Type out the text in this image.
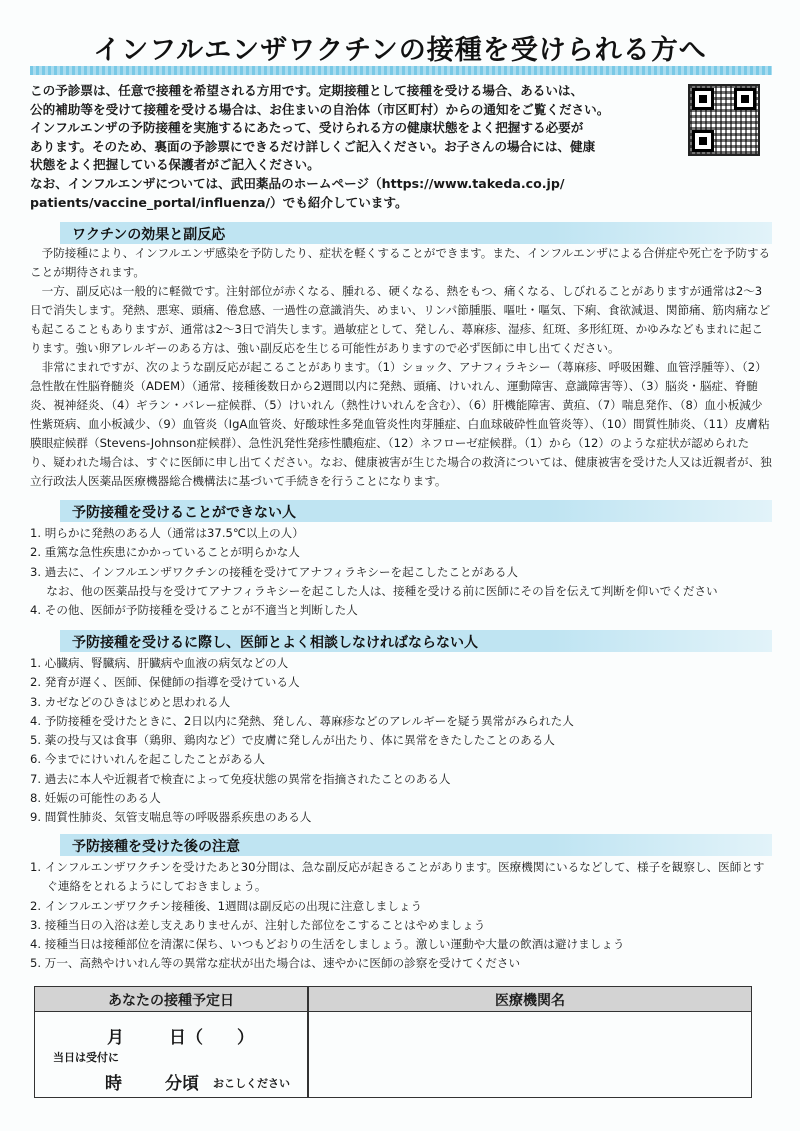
インフルエンザワクチンの接種を受けられる方へ

この予診票は、任意で接種を希望される方用です。定期接種として接種を受ける場合、あるいは、

公的補助等を受けて接種を受ける場合は、お住まいの自治体（市区町村）からの通知をご覧ください。

インフルエンザの予防接種を実施するにあたって、受けられる方の健康状態をよく把握する必要が

あります。そのため、裏面の予診票にできるだけ詳しくご記入ください。お子さんの場合には、健康

状態をよく把握している保護者がご記入ください。

なお、インフルエンザについては、武田薬品のホームページ（https://www.takeda.co.jp/

patients/vaccine_portal/influenza/）でも紹介しています。

ワクチンの効果と副反応

予防接種により、インフルエンザ感染を予防したり、症状を軽くすることができます。また、インフルエンザによる合併症や死亡を予防することが期待されます。

一方、副反応は一般的に軽微です。注射部位が赤くなる、腫れる、硬くなる、熱をもつ、痛くなる、しびれることがありますが通常は2～3日で消失します。発熱、悪寒、頭痛、倦怠感、一過性の意識消失、めまい、リンパ節腫脹、嘔吐・嘔気、下痢、食欲減退、関節痛、筋肉痛なども起こることもありますが、通常は2～3日で消失します。過敏症として、発しん、蕁麻疹、湿疹、紅斑、多形紅斑、かゆみなどもまれに起こります。強い卵アレルギーのある方は、強い副反応を生じる可能性がありますので必ず医師に申し出てください。

非常にまれですが、次のような副反応が起こることがあります。（1）ショック、アナフィラキシー（蕁麻疹、呼吸困難、血管浮腫等）、（2）急性散在性脳脊髄炎（ADEM）（通常、接種後数日から2週間以内に発熱、頭痛、けいれん、運動障害、意識障害等）、（3）脳炎・脳症、脊髄炎、視神経炎、（4）ギラン・バレー症候群、（5）けいれん（熱性けいれんを含む）、（6）肝機能障害、黄疸、（7）喘息発作、（8）血小板減少性紫斑病、血小板減少、（9）血管炎（IgA血管炎、好酸球性多発血管炎性肉芽腫症、白血球破砕性血管炎等）、（10）間質性肺炎、（11）皮膚粘膜眼症候群（Stevens-Johnson症候群）、急性汎発性発疹性膿疱症、（12）ネフローゼ症候群。（1）から（12）のような症状が認められたり、疑われた場合は、すぐに医師に申し出てください。なお、健康被害が生じた場合の救済については、健康被害を受けた人又は近親者が、独立行政法人医薬品医療機器総合機構法に基づいて手続きを行うことになります。

予防接種を受けることができない人
1. 明らかに発熱のある人（通常は37.5℃以上の人）
2. 重篤な急性疾患にかかっていることが明らかな人
3. 過去に、インフルエンザワクチンの接種を受けてアナフィラキシーを起こしたことがある人
なお、他の医薬品投与を受けてアナフィラキシーを起こした人は、接種を受ける前に医師にその旨を伝えて判断を仰いでください
4. その他、医師が予防接種を受けることが不適当と判断した人
予防接種を受けるに際し、医師とよく相談しなければならない人
1. 心臓病、腎臓病、肝臓病や血液の病気などの人
2. 発育が遅く、医師、保健師の指導を受けている人
3. カゼなどのひきはじめと思われる人
4. 予防接種を受けたときに、2日以内に発熱、発しん、蕁麻疹などのアレルギーを疑う異常がみられた人
5. 薬の投与又は食事（鶏卵、鶏肉など）で皮膚に発しんが出たり、体に異常をきたしたことのある人
6. 今までにけいれんを起こしたことがある人
7. 過去に本人や近親者で検査によって免疫状態の異常を指摘されたことのある人
8. 妊娠の可能性のある人
9. 間質性肺炎、気管支喘息等の呼吸器系疾患のある人
予防接種を受けた後の注意
1. インフルエンザワクチンを受けたあと30分間は、急な副反応が起きることがあります。医療機関にいるなどして、様子を観察し、医師とすぐ連絡をとれるようにしておきましょう。
2. インフルエンザワクチン接種後、1週間は副反応の出現に注意しましょう
3. 接種当日の入浴は差し支えありませんが、注射した部位をこすることはやめましょう
4. 接種当日は接種部位を清潔に保ち、いつもどおりの生活をしましょう。激しい運動や大量の飲酒は避けましょう
5. 万一、高熱やけいれん等の異常な症状が出た場合は、速やかに医師の診察を受けてください
あなたの接種予定日	医療機関名
月	日（　　）
当日は受付に
時	分頃 おこしください
